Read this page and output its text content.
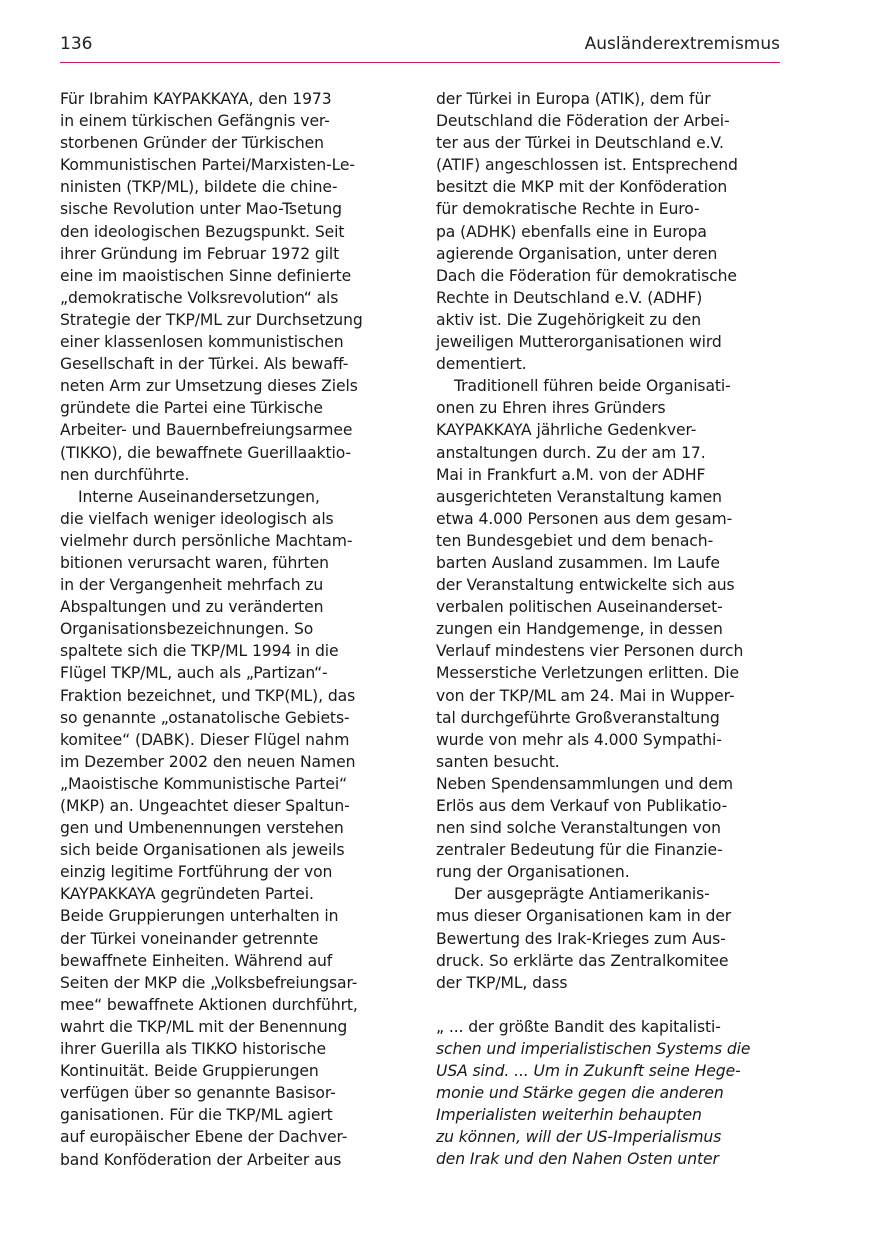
136	Ausländerextremismus
Für Ibrahim KAYPAKKAYA, den 1973
in einem türkischen Gefängnis ver-
storbenen Gründer der Türkischen
Kommunistischen Partei/Marxisten-Le-
ninisten (TKP/ML), bildete die chine-
sische Revolution unter Mao-Tsetung
den ideologischen Bezugspunkt. Seit
ihrer Gründung im Februar 1972 gilt
eine im maoistischen Sinne definierte
„demokratische Volksrevolution“ als
Strategie der TKP/ML zur Durchsetzung
einer klassenlosen kommunistischen
Gesellschaft in der Türkei. Als bewaff-
neten Arm zur Umsetzung dieses Ziels
gründete die Partei eine Türkische
Arbeiter- und Bauernbefreiungsarmee
(TIKKO), die bewaffnete Guerillaaktio-
nen durchführte.
Interne Auseinandersetzungen,
die vielfach weniger ideologisch als
vielmehr durch persönliche Machtam-
bitionen verursacht waren, führten
in der Vergangenheit mehrfach zu
Abspaltungen und zu veränderten
Organisationsbezeichnungen. So
spaltete sich die TKP/ML 1994 in die
Flügel TKP/ML, auch als „Partizan“-
Fraktion bezeichnet, und TKP(ML), das
so genannte „ostanatolische Gebiets-
komitee“ (DABK). Dieser Flügel nahm
im Dezember 2002 den neuen Namen
„Maoistische Kommunistische Partei“
(MKP) an. Ungeachtet dieser Spaltun-
gen und Umbenennungen verstehen
sich beide Organisationen als jeweils
einzig legitime Fortführung der von
KAYPAKKAYA gegründeten Partei.
Beide Gruppierungen unterhalten in
der Türkei voneinander getrennte
bewaffnete Einheiten. Während auf
Seiten der MKP die „Volksbefreiungsar-
mee“ bewaffnete Aktionen durchführt,
wahrt die TKP/ML mit der Benennung
ihrer Guerilla als TIKKO historische
Kontinuität. Beide Gruppierungen
verfügen über so genannte Basisor-
ganisationen. Für die TKP/ML agiert
auf europäischer Ebene der Dachver-
band Konföderation der Arbeiter aus
der Türkei in Europa (ATIK), dem für
Deutschland die Föderation der Arbei-
ter aus der Türkei in Deutschland e.V.
(ATIF) angeschlossen ist. Entsprechend
besitzt die MKP mit der Konföderation
für demokratische Rechte in Euro-
pa (ADHK) ebenfalls eine in Europa
agierende Organisation, unter deren
Dach die Föderation für demokratische
Rechte in Deutschland e.V. (ADHF)
aktiv ist. Die Zugehörigkeit zu den
jeweiligen Mutterorganisationen wird
dementiert.
Traditionell führen beide Organisati-
onen zu Ehren ihres Gründers
KAYPAKKAYA jährliche Gedenkver-
anstaltungen durch. Zu der am 17.
Mai in Frankfurt a.M. von der ADHF
ausgerichteten Veranstaltung kamen
etwa 4.000 Personen aus dem gesam-
ten Bundesgebiet und dem benach-
barten Ausland zusammen. Im Laufe
der Veranstaltung entwickelte sich aus
verbalen politischen Auseinanderset-
zungen ein Handgemenge, in dessen
Verlauf mindestens vier Personen durch
Messerstiche Verletzungen erlitten. Die
von der TKP/ML am 24. Mai in Wupper-
tal durchgeführte Großveranstaltung
wurde von mehr als 4.000 Sympathi-
santen besucht.
Neben Spendensammlungen und dem
Erlös aus dem Verkauf von Publikatio-
nen sind solche Veranstaltungen von
zentraler Bedeutung für die Finanzie-
rung der Organisationen.
Der ausgeprägte Antiamerikanis-
mus dieser Organisationen kam in der
Bewertung des Irak-Krieges zum Aus-
druck. So erklärte das Zentralkomitee
der TKP/ML, dass
„ ... der größte Bandit des kapitalisti-
schen und imperialistischen Systems die
USA sind. ... Um in Zukunft seine Hege-
monie und Stärke gegen die anderen
Imperialisten weiterhin behaupten
zu können, will der US-Imperialismus
den Irak und den Nahen Osten unter
